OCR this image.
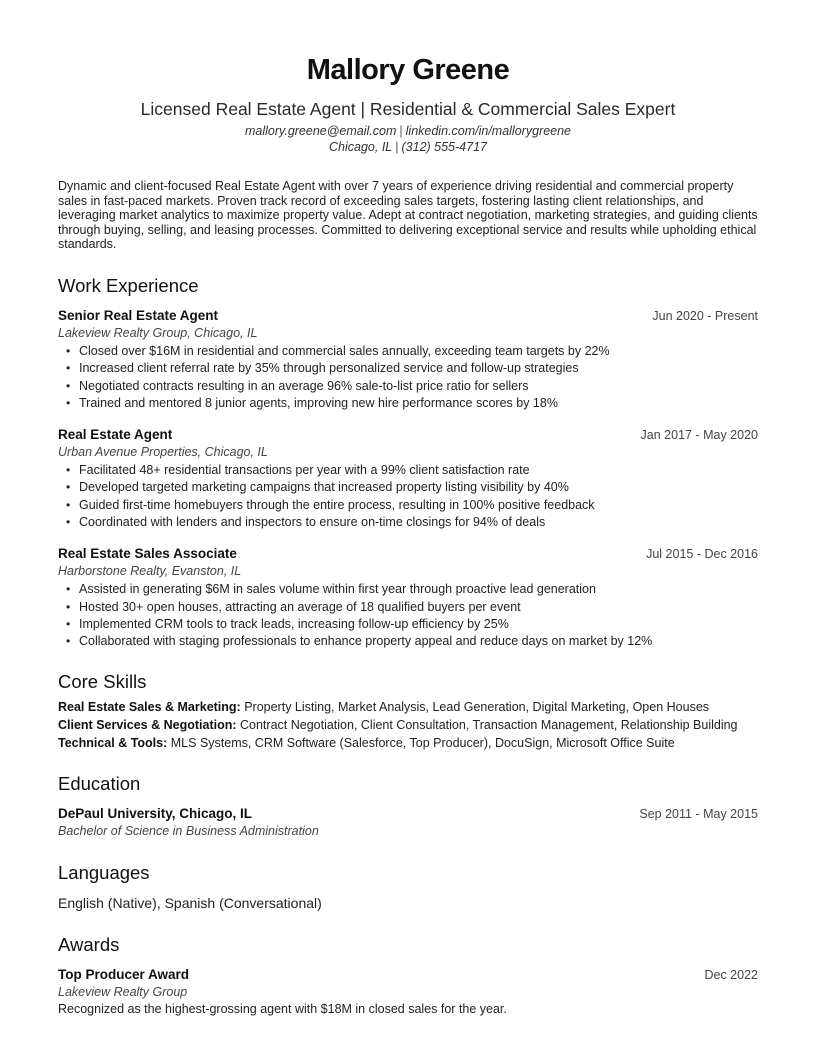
Mallory Greene
Licensed Real Estate Agent | Residential & Commercial Sales Expert
mallory.greene@email.com | linkedin.com/in/mallorygreene
Chicago, IL | (312) 555-4717
Dynamic and client-focused Real Estate Agent with over 7 years of experience driving residential and commercial property sales in fast-paced markets. Proven track record of exceeding sales targets, fostering lasting client relationships, and leveraging market analytics to maximize property value. Adept at contract negotiation, marketing strategies, and guiding clients through buying, selling, and leasing processes. Committed to delivering exceptional service and results while upholding ethical standards.
Work Experience
Senior Real Estate Agent	Jun 2020 - Present
Lakeview Realty Group, Chicago, IL
• Closed over $16M in residential and commercial sales annually, exceeding team targets by 22%
• Increased client referral rate by 35% through personalized service and follow-up strategies
• Negotiated contracts resulting in an average 96% sale-to-list price ratio for sellers
• Trained and mentored 8 junior agents, improving new hire performance scores by 18%
Real Estate Agent	Jan 2017 - May 2020
Urban Avenue Properties, Chicago, IL
• Facilitated 48+ residential transactions per year with a 99% client satisfaction rate
• Developed targeted marketing campaigns that increased property listing visibility by 40%
• Guided first-time homebuyers through the entire process, resulting in 100% positive feedback
• Coordinated with lenders and inspectors to ensure on-time closings for 94% of deals
Real Estate Sales Associate	Jul 2015 - Dec 2016
Harborstone Realty, Evanston, IL
• Assisted in generating $6M in sales volume within first year through proactive lead generation
• Hosted 30+ open houses, attracting an average of 18 qualified buyers per event
• Implemented CRM tools to track leads, increasing follow-up efficiency by 25%
• Collaborated with staging professionals to enhance property appeal and reduce days on market by 12%
Core Skills
Real Estate Sales & Marketing: Property Listing, Market Analysis, Lead Generation, Digital Marketing, Open Houses
Client Services & Negotiation: Contract Negotiation, Client Consultation, Transaction Management, Relationship Building
Technical & Tools: MLS Systems, CRM Software (Salesforce, Top Producer), DocuSign, Microsoft Office Suite
Education
DePaul University, Chicago, IL	Sep 2011 - May 2015
Bachelor of Science in Business Administration
Languages
English (Native), Spanish (Conversational)
Awards
Top Producer Award	Dec 2022
Lakeview Realty Group
Recognized as the highest-grossing agent with $18M in closed sales for the year.
